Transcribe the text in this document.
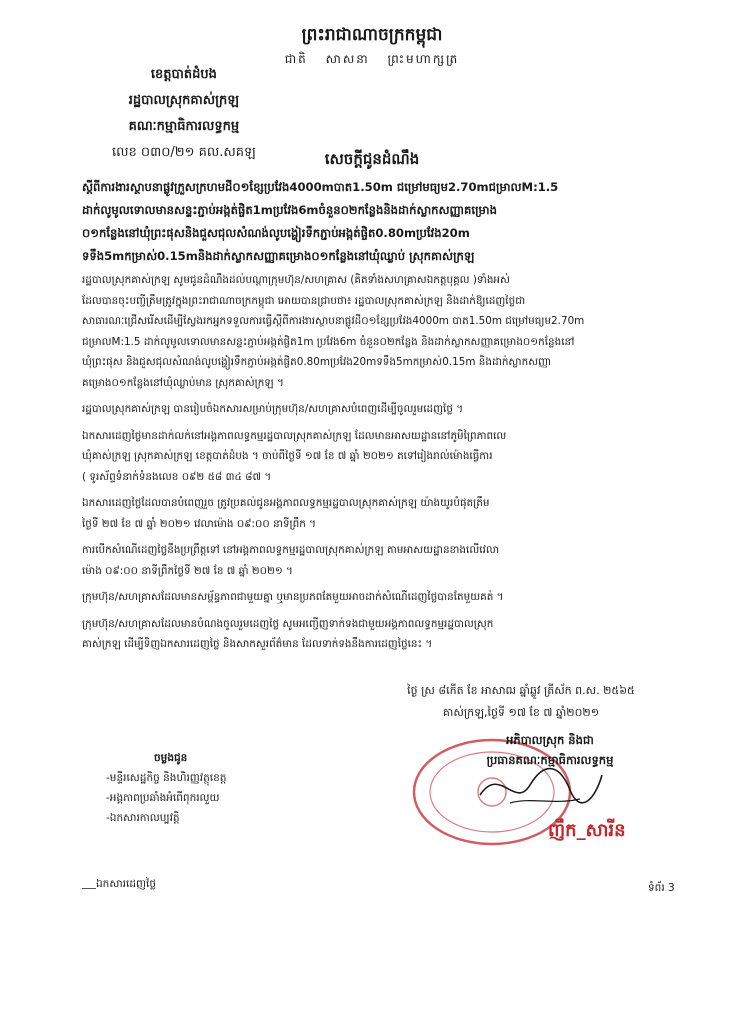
ព្រះរាជាណាចក្រកម្ពុជា
ជាតិ សាសនា ព្រះមហាក្សត្រ
ខេត្តបាត់ដំបង
រដ្ឋបាលស្រុកគាស់ក្រឡ
គណៈកម្មាធិការលទ្ធកម្ម
លេខ ០៣០/២១ គល.សគឡ	សេចក្ដីជូនដំណឹង
ស្ដីពីការងារស្ថាបនាផ្លូវក្រួសក្រហមដី០១ខ្សែប្រវែង4000mបាត1.50m ជម្រៅមធ្យម2.70mជម្រាលM:1.5
ដាក់លូមូលទោលមានសន្ទះភ្ជាប់អង្កត់ផ្ចិត1mប្រវែង6mចំនួន០២កន្លែងនិងដាក់ស្លាកសញ្ញាគម្រោង
០១កន្លែងនៅឃុំព្រះផុសនិងជួសជុលសំណង់លូបង្ហៀរទឹកភ្ជាប់អង្កត់ផ្ចិត0.80mប្រវែង20m
ទទឹង5mកម្រាស់0.15mនិងដាក់ស្លាកសញ្ញាគម្រោង០១កន្លែងនៅឃុំឈ្លាប់ ស្រុកគាស់ក្រឡ
រដ្ឋបាលស្រុកគាស់ក្រឡ សូមជូនដំណឹងដល់បណ្ដាក្រុមហ៊ុន/សហគ្រាស (គិតទាំងសហគ្រាសឯកត្តបុគ្គល )ទាំងអស់
ដែលបានចុះបញ្ជីត្រឹមត្រូវក្នុងព្រះរាជាណាចក្រកម្ពុជា អោយបានជ្រាបថា៖ រដ្ឋបាលស្រុកគាស់ក្រឡ និងដាក់ឱ្យដេញថ្លៃជា
សាធារណៈជ្រើសរើសដើម្បីស្វែងរកអ្នកទទួលការធ្វើស្ដីពីការងារស្ថាបនាផ្លូវដី០១ខ្សែប្រវែង4000m បាត1.50m ជម្រៅមធ្យម2.70m
ជម្រាលM:1.5 ដាក់លូមូលទោលមានសន្ទះភ្ជាប់អង្កត់ផ្ចិត1m ប្រវែង6m ចំនួន០២កន្លែង និងដាក់ស្លាកសញ្ញាគម្រោង០១កន្លែងនៅ
ឃុំព្រះផុស និងជួសជុលសំណង់លូបង្ហៀរទឹកភ្ជាប់អង្កត់ផ្ចិត0.80mប្រវែង20mទទឹង5mកម្រាស់0.15m និងដាក់ស្លាកសញ្ញា
គម្រោង០១កន្លែងនៅឃុំឈ្លាប់មាន ស្រុកគាស់ក្រឡ ។
រដ្ឋបាលស្រុកគាស់ក្រឡ បានរៀបចំឯកសារសម្រាប់ក្រុមហ៊ុន/សហគ្រាសបំពេញដើម្បីចូលរួមដេញថ្លៃ ។
ឯកសារដេញថ្លៃមានដាក់លក់នៅអង្គភាពលទ្ធកម្មរដ្ឋបាលស្រុកគាស់ក្រឡ ដែលមានអាសយដ្ឋាននៅភូមិព្រៃភាពលេ
ឃុំគាស់ក្រឡ ស្រុកគាស់ក្រឡ ខេត្តបាត់ដំបង ។ ចាប់ពីថ្ងៃទី ១៧ ខែ ៧ ឆ្នាំ ២០២១ តទៅរៀងរាល់ម៉ោងធ្វើការ
( ទូរស័ព្ទទំនាក់ទំនងលេខ ០៩២ ៥៨ ៣៤ ៨៧ ។
ឯកសារដេញថ្លៃដែលបានបំពេញរួច ត្រូវប្រគល់ជូនអង្គភាពលទ្ធកម្មរដ្ឋបាលស្រុកគាស់ក្រឡ យ៉ាងយូរបំផុតត្រឹម
ថ្ងៃទី ២៧ ខែ ៧ ឆ្នាំ ២០២១ វេលាម៉ោង ០៩:០០ នាទីព្រឹក ។
ការបើកសំណើដេញថ្លៃនឹងប្រព្រឹត្ដទៅ នៅអង្គភាពលទ្ធកម្មរដ្ឋបាលស្រុកគាស់ក្រឡ តាមអាសយដ្ឋានខាងលើវេលា
ម៉ោង ០៩:០០ នាទីព្រឹកថ្ងៃទី ២៧ ខែ ៧ ឆ្នាំ ២០២១ ។
ក្រុមហ៊ុន/សហគ្រាសដែលមានសម្ព័ន្ធភាពជាមួយគ្នា ឬមានប្រភពតែមួយអាចដាក់សំណើដេញថ្លៃបានតែមួយគត់ ។
ក្រុមហ៊ុន/សហគ្រាសដែលមានបំណងចូលរួមដេញថ្លៃ សូមអញ្ជើញទាក់ទងជាមួយអង្គភាពលទ្ធកម្មរដ្ឋបាលស្រុក
គាស់ក្រឡ ដើម្បីទិញឯកសារដេញថ្លៃ និងសាកសួរព័ត៌មាន ដែលទាក់ទងនឹងការដេញថ្លៃនេះ ។
ថ្ងៃ ស្រ ៨កើត ខែ អាសាឍ ឆ្នាំឆ្លូវ ត្រីស័ក ព.ស. ២៥៦៥
គាស់ក្រឡ,ថ្ងៃទី ១៧ ខែ ៧ ឆ្នាំ២០២១
អភិបាលស្រុក និងជា
ប្រធានគណៈកម្មាធិការលទ្ធកម្ម
ញឹក_សារីន
ចម្លងជូន
-មន្ទីរសេដ្ឋកិច្ច និងហិរញ្ញវត្ថុខេត្ត
-អង្គភាពប្រឆាំងអំពើពុករលួយ
-ឯកសារកាលប្បវត្តិ
ឯកសារដេញថ្លៃ	ទំព័រ 3
